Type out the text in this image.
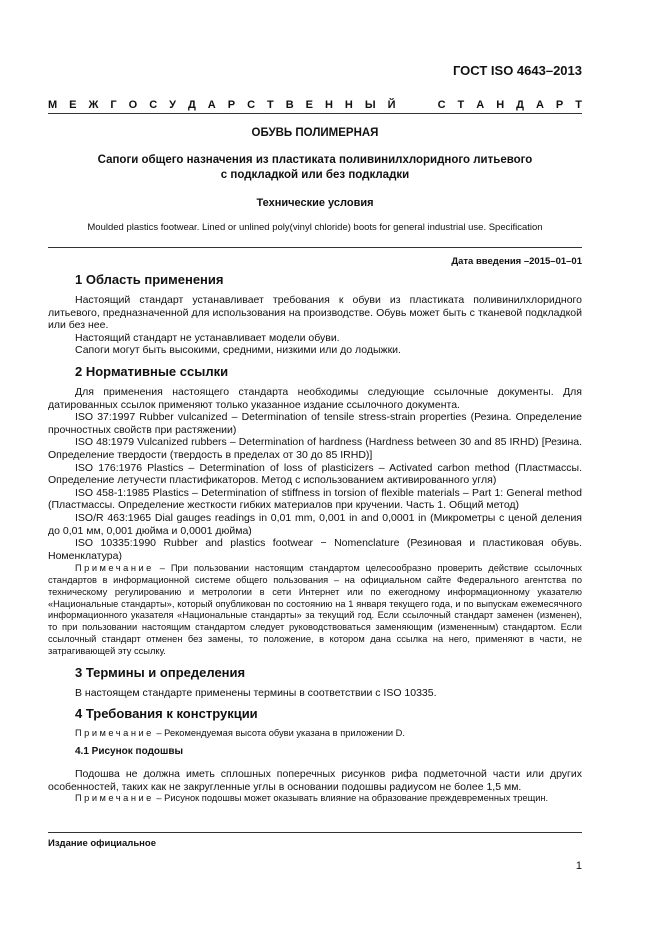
ГОСТ ISO 4643–2013
М Е Ж Г О С У Д А Р С Т В Е Н Н Ы Й

	С Т А Н Д А Р Т
ОБУВЬ ПОЛИМЕРНАЯ
Сапоги общего назначения из пластиката поливинилхлоридного литьевого
с подкладкой или без подкладки
Технические условия
Moulded plastics footwear. Lined or unlined poly(vinyl chloride) boots for general industrial use. Specification
Дата введения –2015–01–01
1 Область применения

Настоящий стандарт устанавливает требования к обуви из пластиката поливинилхлоридного литьевого, предназначенной для использования на производстве. Обувь может быть с тканевой подкладкой или без нее.

Настоящий стандарт не устанавливает модели обуви.

Сапоги могут быть высокими, средними, низкими или до лодыжки.

2 Нормативные ссылки

Для применения настоящего стандарта необходимы следующие ссылочные документы. Для датированных ссылок применяют только указанное издание ссылочного документа.

ISO 37:1997 Rubber vulcanized – Determination of tensile stress-strain properties (Резина. Определение прочностных свойств при растяжении)

ISO 48:1979 Vulcanized rubbers – Determination of hardness (Hardness between 30 and 85 IRHD) [Резина. Определение твердости (твердость в пределах от 30 до 85 IRHD)]

ISO 176:1976 Plastics – Determination of loss of plasticizers – Activated carbon method (Пластмассы. Определение летучести пластификаторов. Метод с использованием активированного угля)

ISO 458-1:1985 Plastics – Determination of stiffness in torsion of flexible materials – Part 1: General method (Пластмассы. Определение жесткости гибких материалов при кручении. Часть 1. Общий метод)

ISO/R 463:1965 Dial gauges readings in 0,01 mm, 0,001 in and 0,0001 in (Микрометры с ценой деления до 0,01 мм, 0,001 дюйма и 0,0001 дюйма)

ISO 10335:1990 Rubber and plastics footwear − Nomenclature (Резиновая и пластиковая обувь. Номенклатура)

Примечание – При пользовании настоящим стандартом целесообразно проверить действие ссылочных стандартов в информационной системе общего пользования – на официальном сайте Федерального агентства по техническому регулированию и метрологии в сети Интернет или по ежегодному информационному указателю «Национальные стандарты», который опубликован по состоянию на 1 января текущего года, и по выпускам ежемесячного информационного указателя «Национальные стандарты» за текущий год. Если ссылочный стандарт заменен (изменен), то при пользовании настоящим стандартом следует руководствоваться заменяющим (измененным) стандартом. Если ссылочный стандарт отменен без замены, то положение, в котором дана ссылка на него, применяют в части, не затрагивающей эту ссылку.

3 Термины и определения

В настоящем стандарте применены термины в соответствии с ISO 10335.

4 Требования к конструкции

Примечание – Рекомендуемая высота обуви указана в приложении D.

4.1 Рисунок подошвы

Подошва не должна иметь сплошных поперечных рисунков рифа подметочной части или других особенностей, таких как не закругленные углы в основании подошвы радиусом не более 1,5 мм.

Примечание – Рисунок подошвы может оказывать влияние на образование преждевременных трещин.

Издание официальное
1
